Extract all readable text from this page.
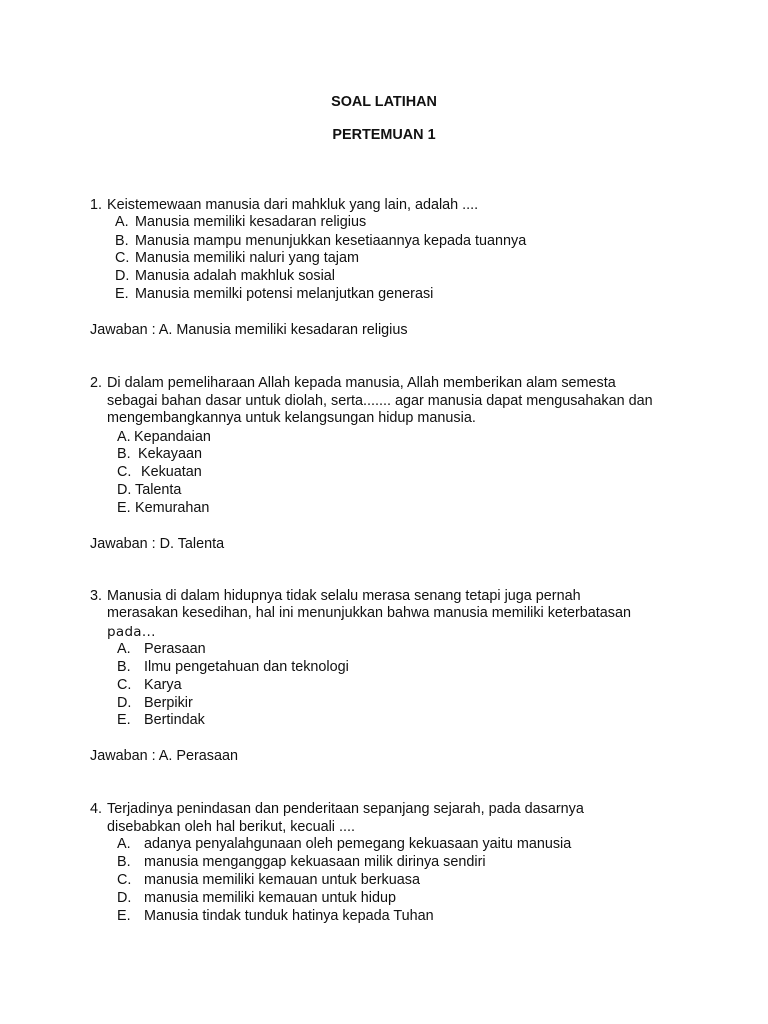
SOAL LATIHAN
PERTEMUAN 1
1. Keistemewaan manusia dari mahkluk yang lain, adalah ....
A. Manusia memiliki kesadaran religius
B. Manusia mampu menunjukkan kesetiaannya kepada tuannya
C. Manusia memiliki naluri yang tajam
D. Manusia adalah makhluk sosial
E. Manusia memilki potensi melanjutkan generasi
Jawaban : A. Manusia memiliki kesadaran religius
2. Di dalam pemeliharaan Allah kepada manusia, Allah memberikan alam semesta
sebagai bahan dasar untuk diolah, serta....... agar manusia dapat mengusahakan dan
mengembangkannya untuk kelangsungan hidup manusia.
A. Kepandaian
B. Kekayaan
C. Kekuatan
D. Talenta
E. Kemurahan
Jawaban : D. Talenta
3. Manusia di dalam hidupnya tidak selalu merasa senang tetapi juga pernah
merasakan kesedihan, hal ini menunjukkan bahwa manusia memiliki keterbatasan
pada...
A. Perasaan
B. Ilmu pengetahuan dan teknologi
C. Karya
D. Berpikir
E. Bertindak
Jawaban : A. Perasaan
4. Terjadinya penindasan dan penderitaan sepanjang sejarah, pada dasarnya
disebabkan oleh hal berikut, kecuali ....
A. adanya penyalahgunaan oleh pemegang kekuasaan yaitu manusia
B. manusia menganggap kekuasaan milik dirinya sendiri
C. manusia memiliki kemauan untuk berkuasa
D. manusia memiliki kemauan untuk hidup
E. Manusia tindak tunduk hatinya kepada Tuhan
